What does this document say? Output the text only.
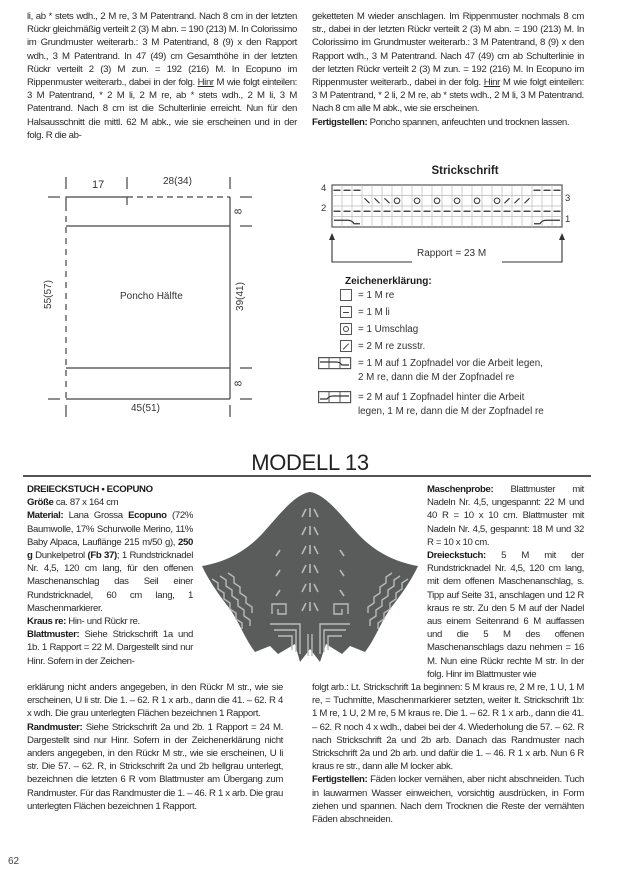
li, ab * stets wdh., 2 M re, 3 M Patentrand. Nach 8 cm in der letzten Rückr gleichmäßig verteilt 2 (3) M abn. = 190 (213) M. In Colorissimo im Grundmuster weiterarb.: 3 M Patentrand, 8 (9) x den Rapport wdh., 3 M Patentrand. In 47 (49) cm Gesamthöhe in der letzten Rückr verteilt 2 (3) M zun. = 192 (216) M. In Ecopuno im Rippenmuster weiterarb., dabei in der folg. Hinr M wie folgt einteilen: 3 M Patentrand, * 2 M li, 2 M re, ab * stets wdh., 2 M li, 3 M Patentrand. Nach 8 cm ist die Schulterlinie erreicht. Nun für den Halsausschnitt die mittl. 62 M abk., wie sie erscheinen und in der folg. R die ab-

geketteten M wieder anschlagen. Im Rippenmuster nochmals 8 cm str., dabei in der letzten Rückr verteilt 2 (3) M abn. = 190 (213) M. In Colorissimo im Grundmuster weiterarb.: 3 M Patentrand, 8 (9) x den Rapport wdh., 3 M Patentrand. Nach 47 (49) cm ab Schulterlinie in der letzten Rückr verteilt 2 (3) M zun. = 192 (216) M. In Ecopuno im Rippenmuster weiterarb., dabei in der folg. Hinr M wie folgt einteilen: 3 M Patentrand, * 2 li, 2 M re, ab * stets wdh., 2 M li, 3 M Patentrand. Nach 8 cm alle M abk., wie sie erscheinen.

Fertigstellen: Poncho spannen, anfeuchten und trocknen lassen.

17	28(34)
45(51)
Poncho Hälfte
55(57)
8
39(41)
8
Strickschrift
4
2
3
1
Rapport = 23 M
Zeichenerklärung:
= 1 M re
= 1 M li
= 1 Umschlag
= 2 M re zusstr.
= 1 M auf 1 Zopfnadel vor die Arbeit legen,
2 M re, dann die M der Zopfnadel re
= 2 M auf 1 Zopfnadel hinter die Arbeit
legen, 1 M re, dann die M der Zopfnadel re
MODELL 13

DREIECKSTUCH • ECOPUNO

Größe ca. 87 x 164 cm

Material: Lana Grossa Ecopuno (72% Baumwolle, 17% Schurwolle Merino, 11% Baby Alpaca, Lauflänge 215 m/50 g), 250 g Dunkelpetrol (Fb 37); 1 Rundstricknadel Nr. 4,5, 120 cm lang, für den offenen Maschenanschlag das Seil einer Rundstricknadel, 60 cm lang, 1 Maschenmarkierer.

Kraus re: Hin- und Rückr re.

Blattmuster: Siehe Strickschrift 1a und 1b. 1 Rapport = 22 M. Dargestellt sind nur Hinr. Sofern in der Zeichen-

erklärung nicht anders angegeben, in den Rückr M str., wie sie erscheinen, U li str. Die 1. – 62. R 1 x arb., dann die 41. – 62. R 4 x wdh. Die grau unterlegten Flächen bezeichnen 1 Rapport.

Randmuster: Siehe Strickschrift 2a und 2b. 1 Rapport = 24 M. Dargestellt sind nur Hinr. Sofern in der Zeichenerklärung nicht anders angegeben, in den Rückr M str., wie sie erscheinen, U li str. Die 57. – 62. R, in Strickschrift 2a und 2b hellgrau unterlegt, bezeichnen die letzten 6 R vom Blattmuster am Übergang zum Randmuster. Für das Randmuster die 1. – 46. R 1 x arb. Die grau unterlegten Flächen bezeichnen 1 Rapport.

Maschenprobe: Blattmuster mit Nadeln Nr. 4,5, ungespannt: 22 M und 40 R = 10 x 10 cm. Blattmuster mit Nadeln Nr. 4,5, gespannt: 18 M und 32 R = 10 x 10 cm.

Dreieckstuch: 5 M mit der Rundstricknadel Nr. 4,5, 120 cm lang, mit dem offenen Maschenanschlag, s. Tipp auf Seite 31, anschlagen und 12 R kraus re str. Zu den 5 M auf der Nadel aus einem Seitenrand 6 M auffassen und die 5 M des offenen Maschenanschlags dazu nehmen = 16 M. Nun eine Rückr rechte M str. In der folg. Hinr im Blattmuster wie

folgt arb.: Lt. Strickschrift 1a beginnen: 5 M kraus re, 2 M re, 1 U, 1 M re, = Tuchmitte, Maschenmarkierer setzten, weiter lt. Strickschrift 1b: 1 M re, 1 U, 2 M re, 5 M kraus re. Die 1. – 62. R 1 x arb., dann die 41. – 62. R noch 4 x wdh., dabei bei der 4. Wiederholung die 57. – 62. R nach Strickschrift 2a und 2b arb. Danach das Randmuster nach Strickschrift 2a und 2b arb. und dafür die 1. – 46. R 1 x arb. Nun 6 R kraus re str., dann alle M locker abk.

Fertigstellen: Fäden locker vernähen, aber nicht abschneiden. Tuch in lauwarmen Wasser einweichen, vorsichtig ausdrücken, in Form ziehen und spannen. Nach dem Trocknen die Reste der vernähten Fäden abschneiden.

62
